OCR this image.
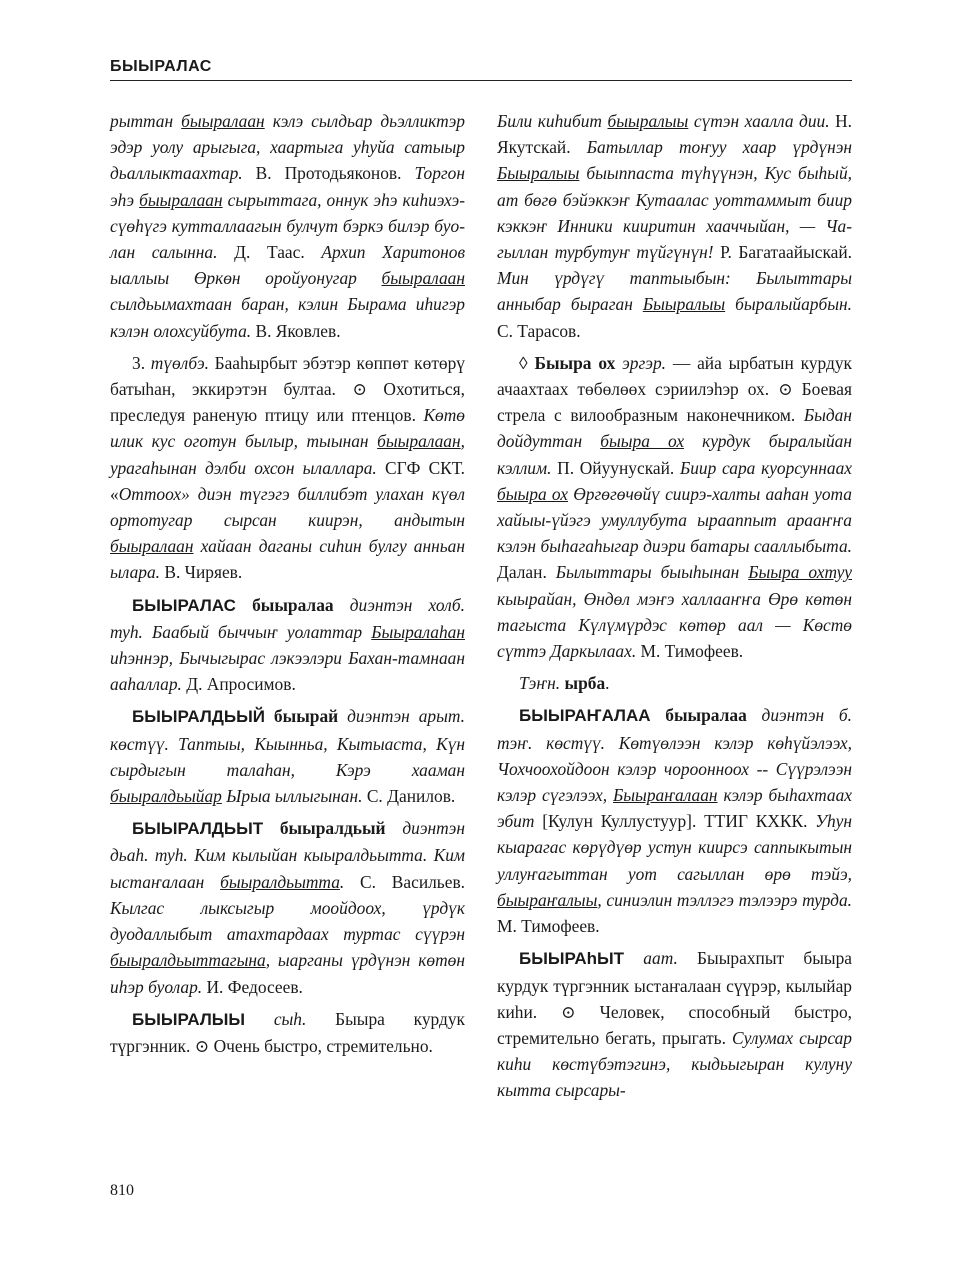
БЫЫРАЛАС

рыттан быыралаан кэлэ сылдьар дьэлликтэр эдэр уолу арыгыга, хаартыга уhуйа сатыыр дьаллыктаахтар. В. Протодьяконов. Торгон эhэ быыралаан сырыттага, оннук эhэ киhиэхэ-сүөhүгэ кутталлаагын булчут бэркэ билэр буолан салынна. Д. Таас. Архип Харитонов ыаллыы Өркөн оройуонугар быыралаан сылдьымахтаан баран, кэлин Бырама иhигэр кэлэн олохсуйбута. В. Яковлев.

3. түөлбэ. Бааhырбыт эбэтэр көппөт көтөрү батыhан, эккирэтэн бултаа. ⊙ Охотиться, преследуя раненую птицу или птенцов. Көтө илик кус оготун былыр, тыынан быыралаан, урагаhынан дэлби охсон ылаллара. СГФ СКТ. «Оттоох» диэн түгэгэ биллибэт улахан күөл ортотугар сырсан киирэн, андытын быыралаан хайаан даганы сиhин булгу анньан ылара. В. Чиряев.

БЫЫРАЛАС быыралаа диэнтэн холб. туh. Баабый быччыҥ уолаттар Быыралаhан иhэннэр, Бычыгырас лэкээлэри Бахан-тамнаан ааhаллар. Д. Апросимов.

БЫЫРАЛДЬЫЙ быырай диэнтэн арыт. көстүү. Таптыы, Кыынньа, Кытыаста, Күн сырдыгын талаhан, Кэрэ хааман быыралдьыйар Ырыа ыллыгынан. С. Данилов.

БЫЫРАЛДЬЫТ быыралдьый диэнтэн дьаh. туh. Ким кылыйан кыыралдьытта. Ким ыстаҥалаан быыралдьытта. С. Васильев. Кылгас лыксыгыр моойдоох, үрдүк дуодаллыбыт атахтардаах туртас сүүрэн быыралдьыттагына, ыарганы үрдүнэн көтөн иhэр буолар. И. Федосеев.

БЫЫРАЛЫЫ сыh. Быыра курдук түргэнник. ⊙ Очень быстро, стремительно.

Били киhибит быыралыы сүтэн хаалла дии. Н. Якутскай. Батыллар тоҥуу хаар үрдүнэн Быыралыы быыппаста түhүүнэн, Кус быhый, ат бөгө бэйэккэҥ Кутаалас уоттаммыт биир кэккэҥ Инники кииритин хааччыйан, — Чагыллан турбутуҥ түйгүнүн! Р. Багатаайыскай. Мин үрдүгү таптыыбын: Былыттары анныбар быраган Быыралыы быралыйарбын. С. Тарасов.

◊ Быыра ох эргэр. — айа ырбатын курдук ачаахтаах төбөлөөх сэриилэhэр ох. ⊙ Боевая стрела с вилообразным наконечником. Быдан дойдуттан быыра ох курдук быралыйан кэллим. П. Ойуунускай. Биир сара куорсуннаах быыра ох Өргөгөчөйү сиирэ-халты ааhан уота хайыы-үйэгэ умуллубута ырааппыт арааҥҥа кэлэн быhагаhыгар диэри батары сааллыбыта. Далан. Былыттары быыhынан Быыра охтуу кыырайан, Өндөл мэҥэ халлааҥҥа Өрө көтөн тагыста Күлүмүрдэс көтөр аал — Көстө сүттэ Даркылаах. М. Тимофеев.

Тэҥн. ырба.

БЫЫРАҤАЛАА быыралаа диэнтэн б. тэҥ. көстүү. Көтүөлээн кэлэр көhүйэлээх, Чохчоохойдоон кэлэр чороонноох -- Сүүрэлээн кэлэр сүгэлээх, Быыраҥалаан кэлэр быhахтаах эбит [Кулун Куллустуур]. ТТИГ КХКК. Уhун кыарагас көрүдүөр устун киирсэ саппыкытын уллуҥагыттан уот сагыллан өрө тэйэ, быыраҥалыы, синиэлин тэллэгэ тэлээрэ турда. М. Тимофеев.

БЫЫРАhЫТ аат. Быырахпыт быыра курдук түргэнник ыстаҥалаан сүүрэр, кылыйар киhи. ⊙ Человек, способный быстро, стремительно бегать, прыгать. Сулумах сырсар киhи көстүбэтэгинэ, кыдьыгыран кулуну кытта сырсары-

810
